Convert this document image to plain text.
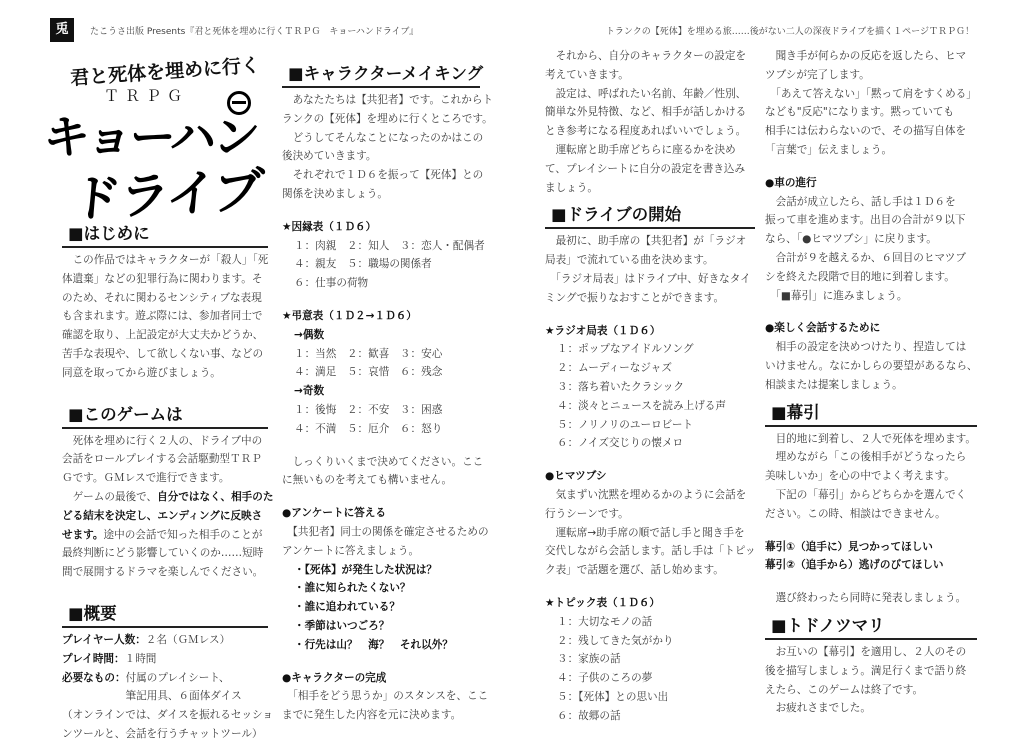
兎	たこうさ出版 Presents『君と死体を埋めに行くＴＲＰＧ　キョーハンドライブ』	トランクの【死体】を埋める旅……後がない二人の深夜ドライブを描く１ページＴＲＰＧ！
君と死体を埋めに行く
ＴＲＰＧ
キョーハン
ドライブ
■はじめに
　この作品ではキャラクターが「殺人」「死
体遺棄」などの犯罪行為に関わります。そ
のため、それに関わるセンシティブな表現
も含まれます。遊ぶ際には、参加者同士で
確認を取り、上記設定が大丈夫かどうか、
苦手な表現や、して欲しくない事、などの
同意を取ってから遊びましょう。
■このゲームは
　死体を埋めに行く２人の、ドライブ中の
会話をロールプレイする会話駆動型ＴＲＰ
Ｇです。ＧＭレスで進行できます。
　ゲームの最後で、自分ではなく、相手のた
どる結末を決定し、エンディングに反映さ
せます。途中の会話で知った相手のことが
最終判断にどう影響していくのか……短時
間で展開するドラマを楽しんでください。
■概要
プレイヤー人数：２名（ＧＭレス）
プレイ時間：１時間
必要なもの：付属のプレイシート、
　　　　　　筆記用具、６面体ダイス
（オンラインでは、ダイスを振れるセッショ
ンツールと、会話を行うチャットツール）
■キャラクターメイキング
　あなたたちは【共犯者】です。これからト
ランクの【死体】を埋めに行くところです。
　どうしてそんなことになったのかはこの
後決めていきます。
　それぞれで１Ｄ６を振って【死体】との
関係を決めましょう。
★因縁表（１Ｄ６）
１：肉親　２：知人　３：恋人・配偶者
４：親友　５：職場の関係者
６：仕事の荷物
★弔意表（１Ｄ２→１Ｄ６）
→偶数
１：当然　２：歓喜　３：安心
４：満足　５：哀惜　６：残念
→奇数
１：後悔　２：不安　３：困惑
４：不満　５：厄介　６：怒り
　しっくりいくまで決めてください。ここ
に無いものを考えても構いません。
●アンケートに答える
　【共犯者】同士の関係を確定させるための
アンケートに答えましょう。
・【死体】が発生した状況は？
・誰に知られたくない？
・誰に追われている？
・季節はいつごろ？
・行先は山？　海？　それ以外？
●キャラクターの完成
　「相手をどう思うか」のスタンスを、ここ
までに発生した内容を元に決めます。
　それから、自分のキャラクターの設定を
考えていきます。
　設定は、呼ばれたい名前、年齢／性別、
簡単な外見特徴、など、相手が話しかける
とき参考になる程度あればいいでしょう。
　運転席と助手席どちらに座るかを決め
て、プレイシートに自分の設定を書き込み
ましょう。
■ドライブの開始
　最初に、助手席の【共犯者】が「ラジオ
局表」で流れている曲を決めます。
　「ラジオ局表」はドライブ中、好きなタイ
ミングで振りなおすことができます。
★ラジオ局表（１Ｄ６）
１：ポップなアイドルソング
２：ムーディーなジャズ
３：落ち着いたクラシック
４：淡々とニュースを読み上げる声
５：ノリノリのユーロビート
６：ノイズ交じりの懐メロ
●ヒマツブシ
　気まずい沈黙を埋めるかのように会話を
行うシーンです。
　運転席→助手席の順で話し手と聞き手を
交代しながら会話します。話し手は「トピッ
ク表」で話題を選び、話し始めます。
★トピック表（１Ｄ６）
１：大切なモノの話
２：残してきた気がかり
３：家族の話
４：子供のころの夢
５：【死体】との思い出
６：故郷の話
　聞き手が何らかの反応を返したら、ヒマ
ツブシが完了します。
　「あえて答えない」「黙って肩をすくめる」
なども"反応"になります。黙っていても
相手には伝わらないので、その描写自体を
「言葉で」伝えましょう。
●車の進行
　会話が成立したら、話し手は１Ｄ６を
振って車を進めます。出目の合計が９以下
なら、「●ヒマツブシ」に戻ります。
　合計が９を越えるか、６回目のヒマツブ
シを終えた段階で目的地に到着します。
　「■幕引」に進みましょう。
●楽しく会話するために
　相手の設定を決めつけたり、捏造しては
いけません。なにかしらの要望があるなら、
相談または提案しましょう。
■幕引
　目的地に到着し、２人で死体を埋めます。
　埋めながら「この後相手がどうなったら
美味しいか」を心の中でよく考えます。
　下記の「幕引」からどちらかを選んでく
ださい。この時、相談はできません。
幕引①（追手に）見つかってほしい
幕引②（追手から）逃げのびてほしい
　選び終わったら同時に発表しましょう。
■トドノツマリ
　お互いの【幕引】を適用し、２人のその
後を描写しましょう。満足行くまで語り終
えたら、このゲームは終了です。
　お疲れさまでした。
